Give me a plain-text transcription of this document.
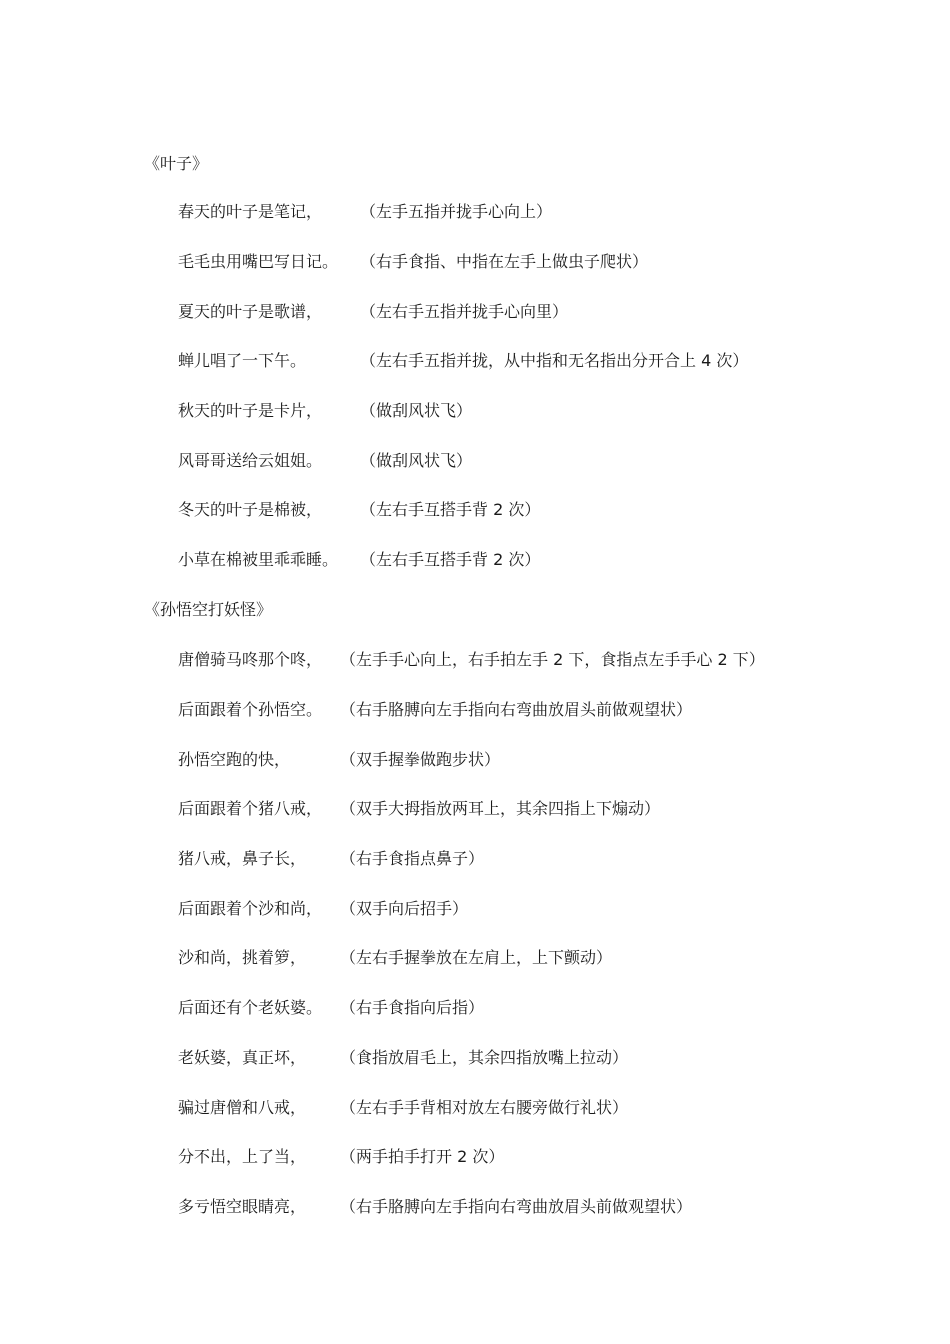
《叶子》
春天的叶子是笔记， （左手五指并拢手心向上）
毛毛虫用嘴巴写日记。 （右手食指、中指在左手上做虫子爬状）
夏天的叶子是歌谱， （左右手五指并拢手心向里）
蝉儿唱了一下午。	（左右手五指并拢，从中指和无名指出分开合上 4 次）
秋天的叶子是卡片， （做刮风状飞）
风哥哥送给云姐姐。 （做刮风状飞）
冬天的叶子是棉被， （左右手互搭手背 2 次）
小草在棉被里乖乖睡。 （左右手互搭手背 2 次）
《孙悟空打妖怪》
唐僧骑马咚那个咚， （左手手心向上，右手拍左手 2 下，食指点左手手心 2 下）
后面跟着个孙悟空。 （右手胳膊向左手指向右弯曲放眉头前做观望状）
孙悟空跑的快，	（双手握拳做跑步状）
后面跟着个猪八戒， （双手大拇指放两耳上，其余四指上下煽动）
猪八戒，鼻子长， （右手食指点鼻子）
后面跟着个沙和尚， （双手向后招手）
沙和尚，挑着箩， （左右手握拳放在左肩上，上下颤动）
后面还有个老妖婆。 （右手食指向后指）
老妖婆，真正坏， （食指放眉毛上，其余四指放嘴上拉动）
骗过唐僧和八戒， （左右手手背相对放左右腰旁做行礼状）
分不出，上了当， （两手拍手打开 2 次）
多亏悟空眼睛亮， （右手胳膊向左手指向右弯曲放眉头前做观望状）
